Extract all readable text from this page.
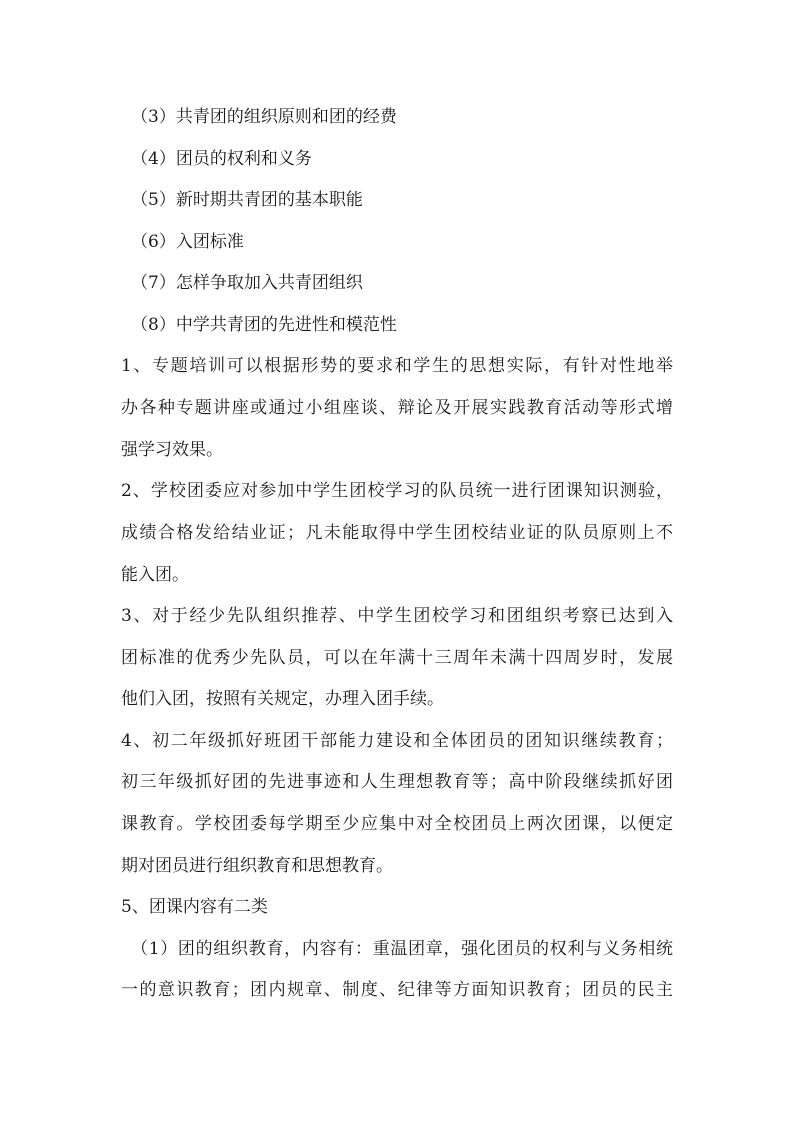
（3）共青团的组织原则和团的经费
（4）团员的权利和义务
（5）新时期共青团的基本职能
（6）入团标准
（7）怎样争取加入共青团组织
（8）中学共青团的先进性和模范性
1、专题培训可以根据形势的要求和学生的思想实际，有针对性地举
办各种专题讲座或通过小组座谈、辩论及开展实践教育活动等形式增
强学习效果。
2、学校团委应对参加中学生团校学习的队员统一进行团课知识测验，
成绩合格发给结业证；凡未能取得中学生团校结业证的队员原则上不
能入团。
3、对于经少先队组织推荐、中学生团校学习和团组织考察已达到入
团标准的优秀少先队员，可以在年满十三周年未满十四周岁时，发展
他们入团，按照有关规定，办理入团手续。
4、初二年级抓好班团干部能力建设和全体团员的团知识继续教育；
初三年级抓好团的先进事迹和人生理想教育等；高中阶段继续抓好团
课教育。学校团委每学期至少应集中对全校团员上两次团课，以便定
期对团员进行组织教育和思想教育。
5、团课内容有二类
（1）团的组织教育，内容有：重温团章，强化团员的权利与义务相统
一的意识教育；团内规章、制度、纪律等方面知识教育；团员的民主
